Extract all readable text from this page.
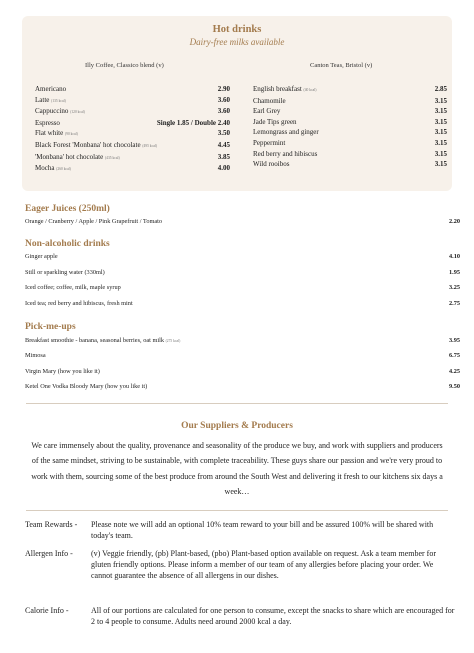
Hot drinks
Dairy-free milks available
Illy Coffee, Classico blend (v)	Canton Teas, Bristol (v)
Americano	2.90
Latte (135 kcal)	3.60
Cappuccino (120 kcal)	3.60
Espresso	Single 1.85 / Double 2.40
Flat white (90 kcal)	3.50
Black Forest 'Monbana' hot chocolate (495 kcal)	4.45
'Monbana' hot chocolate (435 kcal)	3.85
Mocha (260 kcal)	4.00
English breakfast (40 kcal)	2.85
Chamomile	3.15
Earl Grey	3.15
Jade Tips green	3.15
Lemongrass and ginger	3.15
Peppermint	3.15
Red berry and hibiscus	3.15
Wild rooibos	3.15
Eager Juices (250ml)
Orange / Cranberry / Apple / Pink Grapefruit / Tomato	2.20
Non-alcoholic drinks
Ginger apple	4.10
Still or sparkling water (330ml)	1.95
Iced coffee; coffee, milk, maple syrup	3.25
Iced tea; red berry and hibiscus, fresh mint	2.75
Pick-me-ups
Breakfast smoothie - banana, seasonal berries, oat milk (275 kcal)	3.95
Mimosa	6.75
Virgin Mary (how you like it)	4.25
Ketel One Vodka Bloody Mary (how you like it)	9.50
Our Suppliers & Producers
We care immensely about the quality, provenance and seasonality of the produce we buy, and work with suppliers and producers of the same mindset, striving to be sustainable, with complete traceability. These guys share our passion and we're very proud to work with them, sourcing some of the best produce from around the South West and delivering it fresh to our kitchens six days a week…
Team Rewards -	Please note we will add an optional 10% team reward to your bill and be assured 100% will be shared with today's team.
Allergen Info -	(v) Veggie friendly, (pb) Plant-based, (pbo) Plant-based option available on request. Ask a team member for gluten friendly options. Please inform a member of our team of any allergies before placing your order. We cannot guarantee the absence of all allergens in our dishes.
Calorie Info -	All of our portions are calculated for one person to consume, except the snacks to share which are encouraged for 2 to 4 people to consume. Adults need around 2000 kcal a day.
